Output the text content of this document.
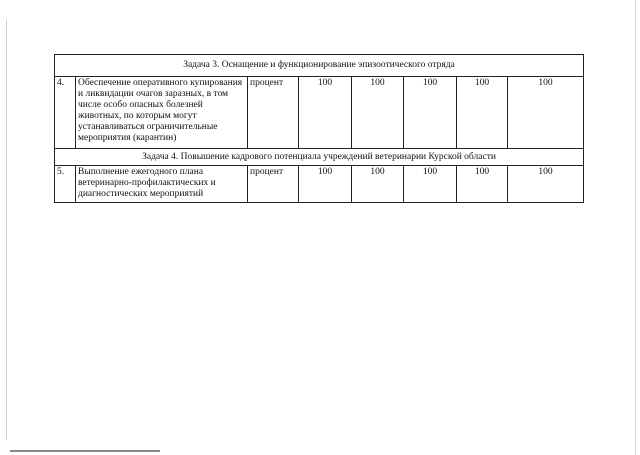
Задача 3. Оснащение и функционирование эпизоотического отряда							
4.	Обеспечение оперативного купирования и ликвидации очагов заразных, в том числе особо опасных болезней животных, по которым могут устанавливаться ограничительные мероприятия (карантин)	процент	100	100	100	100	100
Задача 4. Повышение кадрового потенциала учреждений ветеринарии Курской области							
5.	Выполнение ежегодного плана ветеринарно-профилактических и диагностических мероприятий	процент	100	100	100	100	100
